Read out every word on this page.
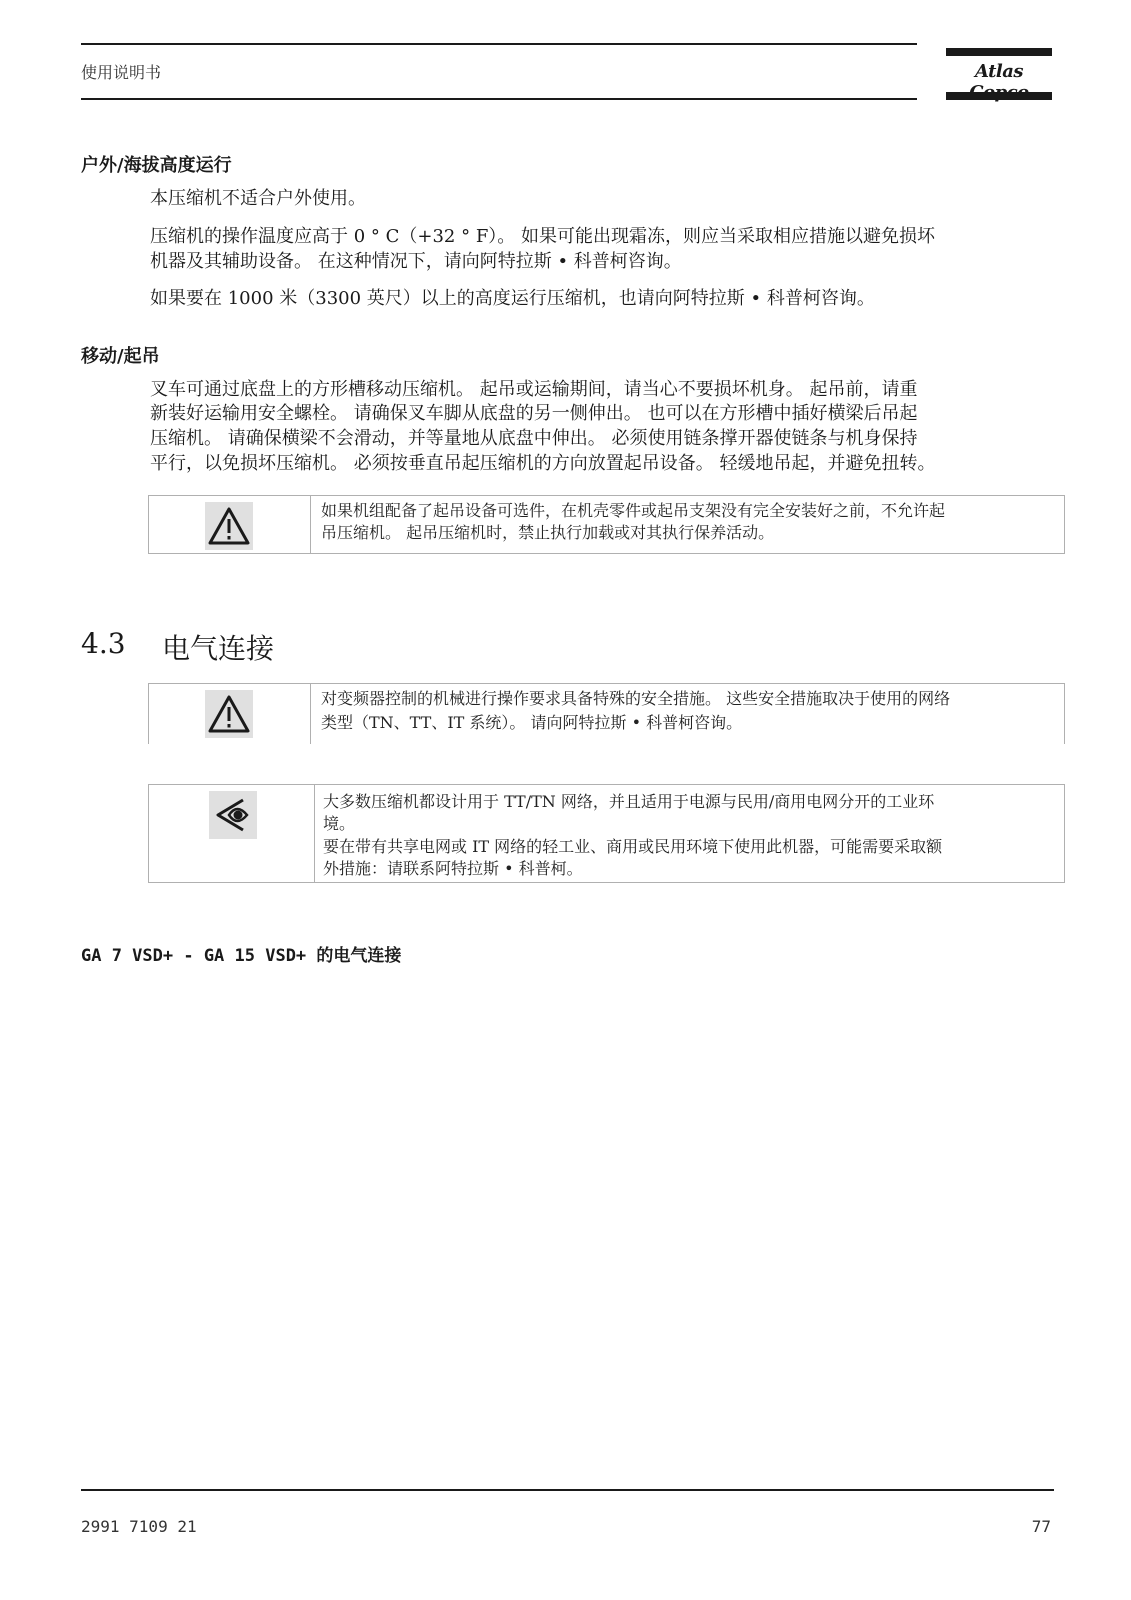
使用说明书	Atlas
户外/海拔高度运行
本压缩机不适合户外使用。
压缩机的操作温度应高于 0 ° C（+32 ° F）。 如果可能出现霜冻，则应当采取相应措施以避免损坏
机器及其辅助设备。 在这种情况下，请向阿特拉斯 • 科普柯咨询。
如果要在 1000 米（3300 英尺）以上的高度运行压缩机，也请向阿特拉斯 • 科普柯咨询。
移动/起吊
叉车可通过底盘上的方形槽移动压缩机。 起吊或运输期间，请当心不要损坏机身。 起吊前，请重
新装好运输用安全螺栓。 请确保叉车脚从底盘的另一侧伸出。 也可以在方形槽中插好横梁后吊起
压缩机。 请确保横梁不会滑动，并等量地从底盘中伸出。 必须使用链条撑开器使链条与机身保持
平行，以免损坏压缩机。 必须按垂直吊起压缩机的方向放置起吊设备。 轻缓地吊起，并避免扭转。
如果机组配备了起吊设备可选件，在机壳零件或起吊支架没有完全安装好之前，不允许起
吊压缩机。 起吊压缩机时，禁止执行加载或对其执行保养活动。
4.3 电气连接
对变频器控制的机械进行操作要求具备特殊的安全措施。 这些安全措施取决于使用的网络
类型（TN、TT、IT 系统）。 请向阿特拉斯 • 科普柯咨询。
大多数压缩机都设计用于 TT/TN 网络，并且适用于电源与民用/商用电网分开的工业环
境。
要在带有共享电网或 IT 网络的轻工业、商用或民用环境下使用此机器，可能需要采取额
外措施：请联系阿特拉斯 • 科普柯。
GA 7 VSD+ - GA 15 VSD+ 的电气连接
2991 7109 21	77
